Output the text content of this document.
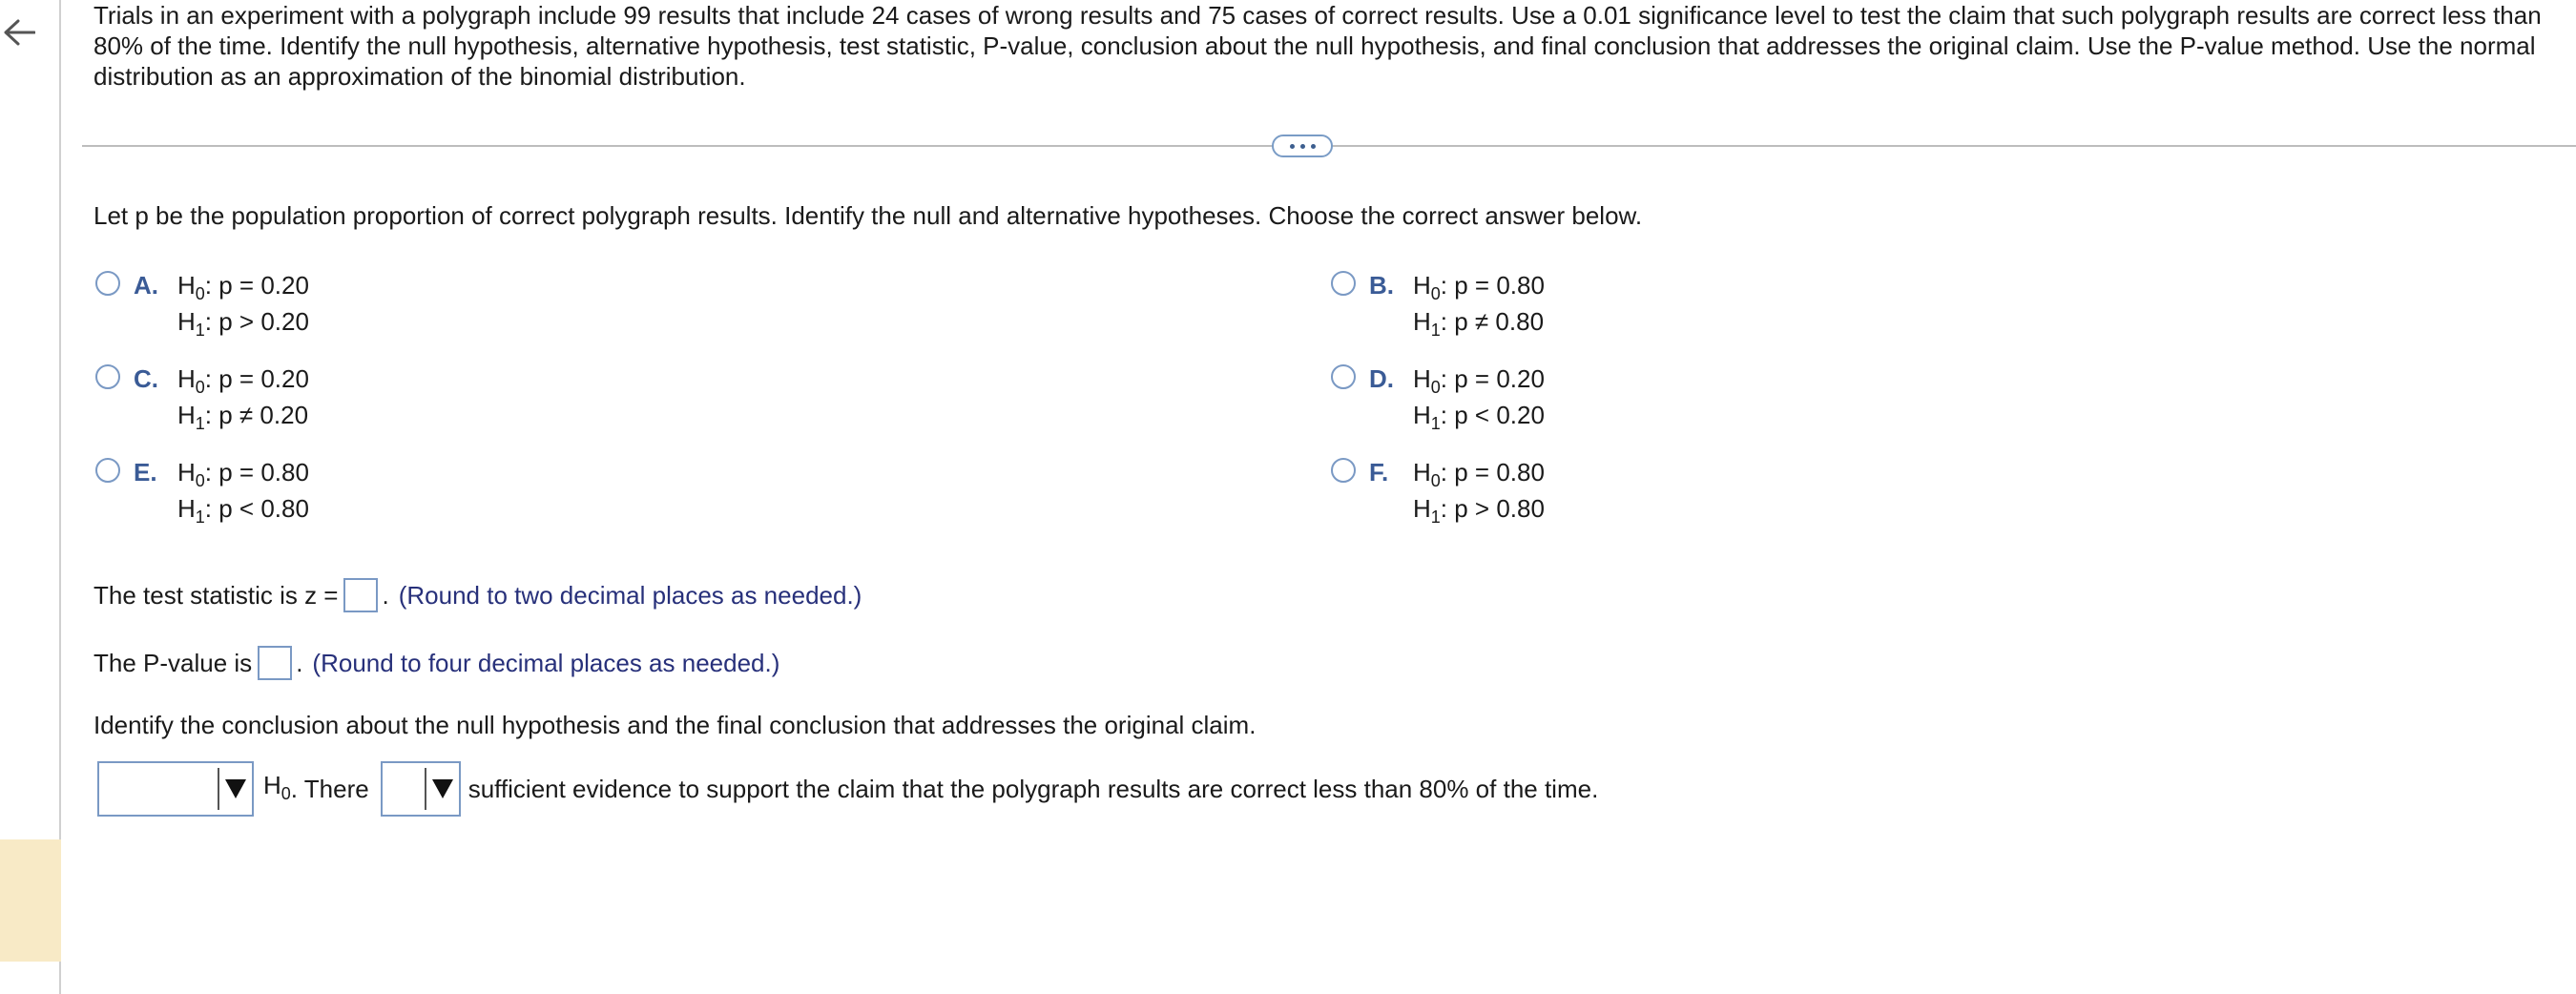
Trials in an experiment with a polygraph include 99 results that include 24 cases of wrong results and 75 cases of correct results. Use a 0.01 significance level to test the claim that such polygraph results are correct less than 80% of the time. Identify the null hypothesis, alternative hypothesis, test statistic, P-value, conclusion about the null hypothesis, and final conclusion that addresses the original claim. Use the P-value method. Use the normal distribution as an approximation of the binomial distribution.
Let p be the population proportion of correct polygraph results. Identify the null and alternative hypotheses. Choose the correct answer below.
A. $H_0$: p = 0.20
$H_1$: p > 0.20
B. $H_0$: p = 0.80
$H_1$: p ≠ 0.80
C. $H_0$: p = 0.20
$H_1$: p ≠ 0.20
D. $H_0$: p = 0.20
$H_1$: p < 0.20
E. $H_0$: p = 0.80
$H_1$: p < 0.80
F. $H_0$: p = 0.80
$H_1$: p > 0.80
The test statistic is z = . (Round to two decimal places as needed.)
The P-value is . (Round to four decimal places as needed.)
Identify the conclusion about the null hypothesis and the final conclusion that addresses the original claim.
$H_0$ . There	sufficient evidence to support the claim that the polygraph results are correct less than 80% of the time.
